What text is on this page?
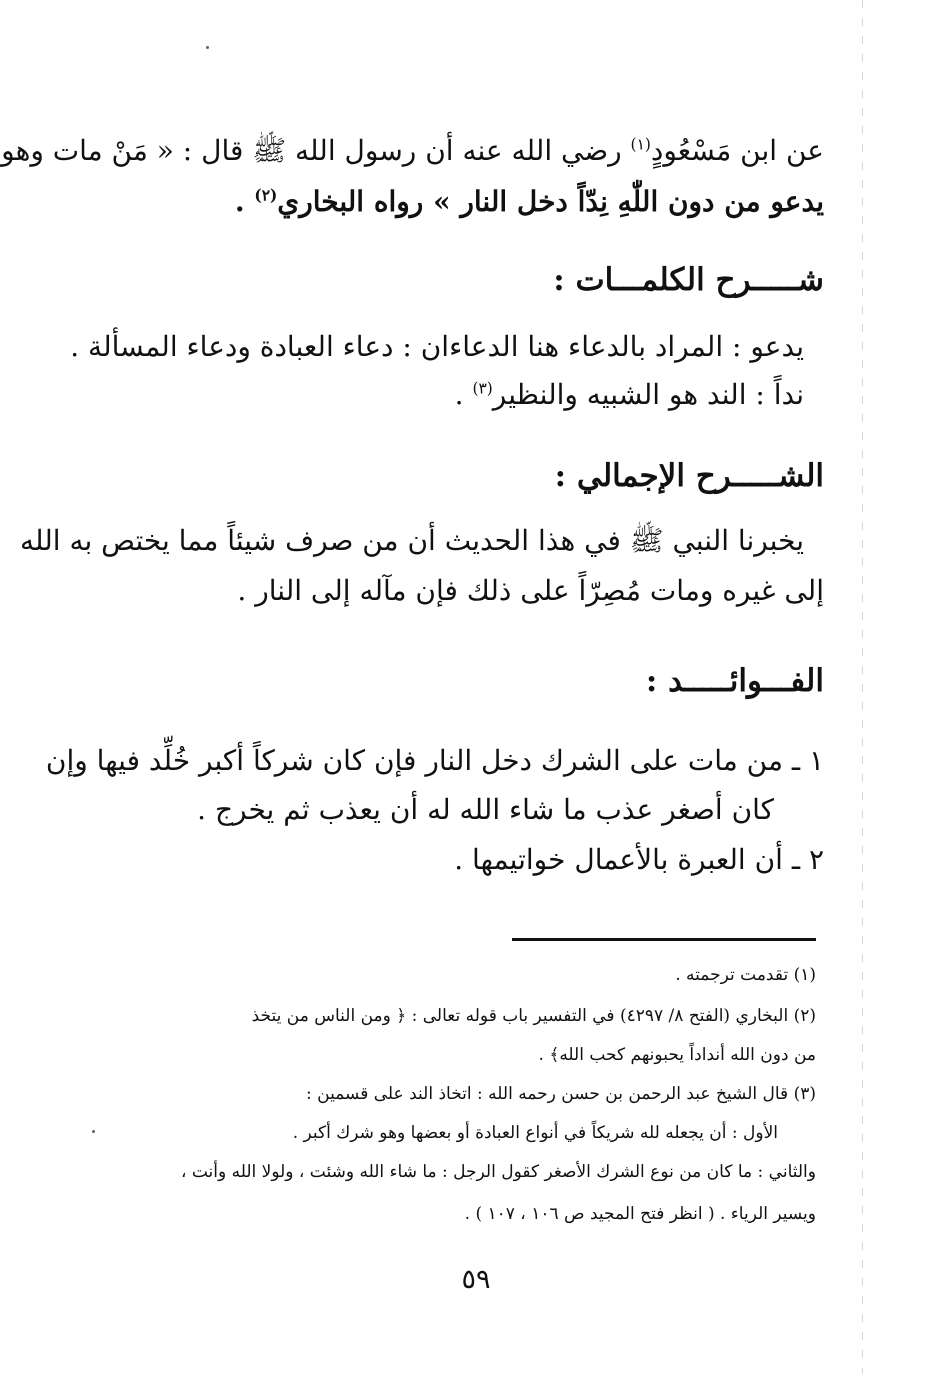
عن ابن مَسْعُودٍ$^{(١)}$ رضي الله عنه أن رسول الله ﷺ قال : « مَنْ مات وهو
يدعو من دون اللّٰهِ نِدّاً دخل النار » رواه البخاري$^{(٢)}$ .
شـــــرح الكلمـــات :
يدعو : المراد بالدعاء هنا الدعاءان : دعاء العبادة ودعاء المسألة .
نداً : الند هو الشبيه والنظير$^{(٣)}$ .
الشـــــرح الإجمالي :
يخبرنا النبي ﷺ في هذا الحديث أن من صرف شيئاً مما يختص به الله
إلى غيره ومات مُصِرّاً على ذلك فإن مآله إلى النار .
الفـــوائـــــد :
١ ـ من مات على الشرك دخل النار فإن كان شركاً أكبر خُلِّد فيها وإن
كان أصغر عذب ما شاء الله له أن يعذب ثم يخرج .
٢ ـ أن العبرة بالأعمال خواتيمها .
(١) تقدمت ترجمته .
(٢) البخاري (الفتح ٨/ ٤٢٩٧) في التفسير باب قوله تعالى : ﴿ ومن الناس من يتخذ
من دون الله أنداداً يحبونهم كحب الله﴾ .
(٣) قال الشيخ عبد الرحمن بن حسن رحمه الله : اتخاذ الند على قسمين :
الأول : أن يجعله لله شريكاً في أنواع العبادة أو بعضها وهو شرك أكبر .
والثاني : ما كان من نوع الشرك الأصغر كقول الرجل : ما شاء الله وشئت ، ولولا الله وأنت ،
ويسير الرياء . ( انظر فتح المجيد ص ١٠٦ ، ١٠٧ ) .
٥٩
